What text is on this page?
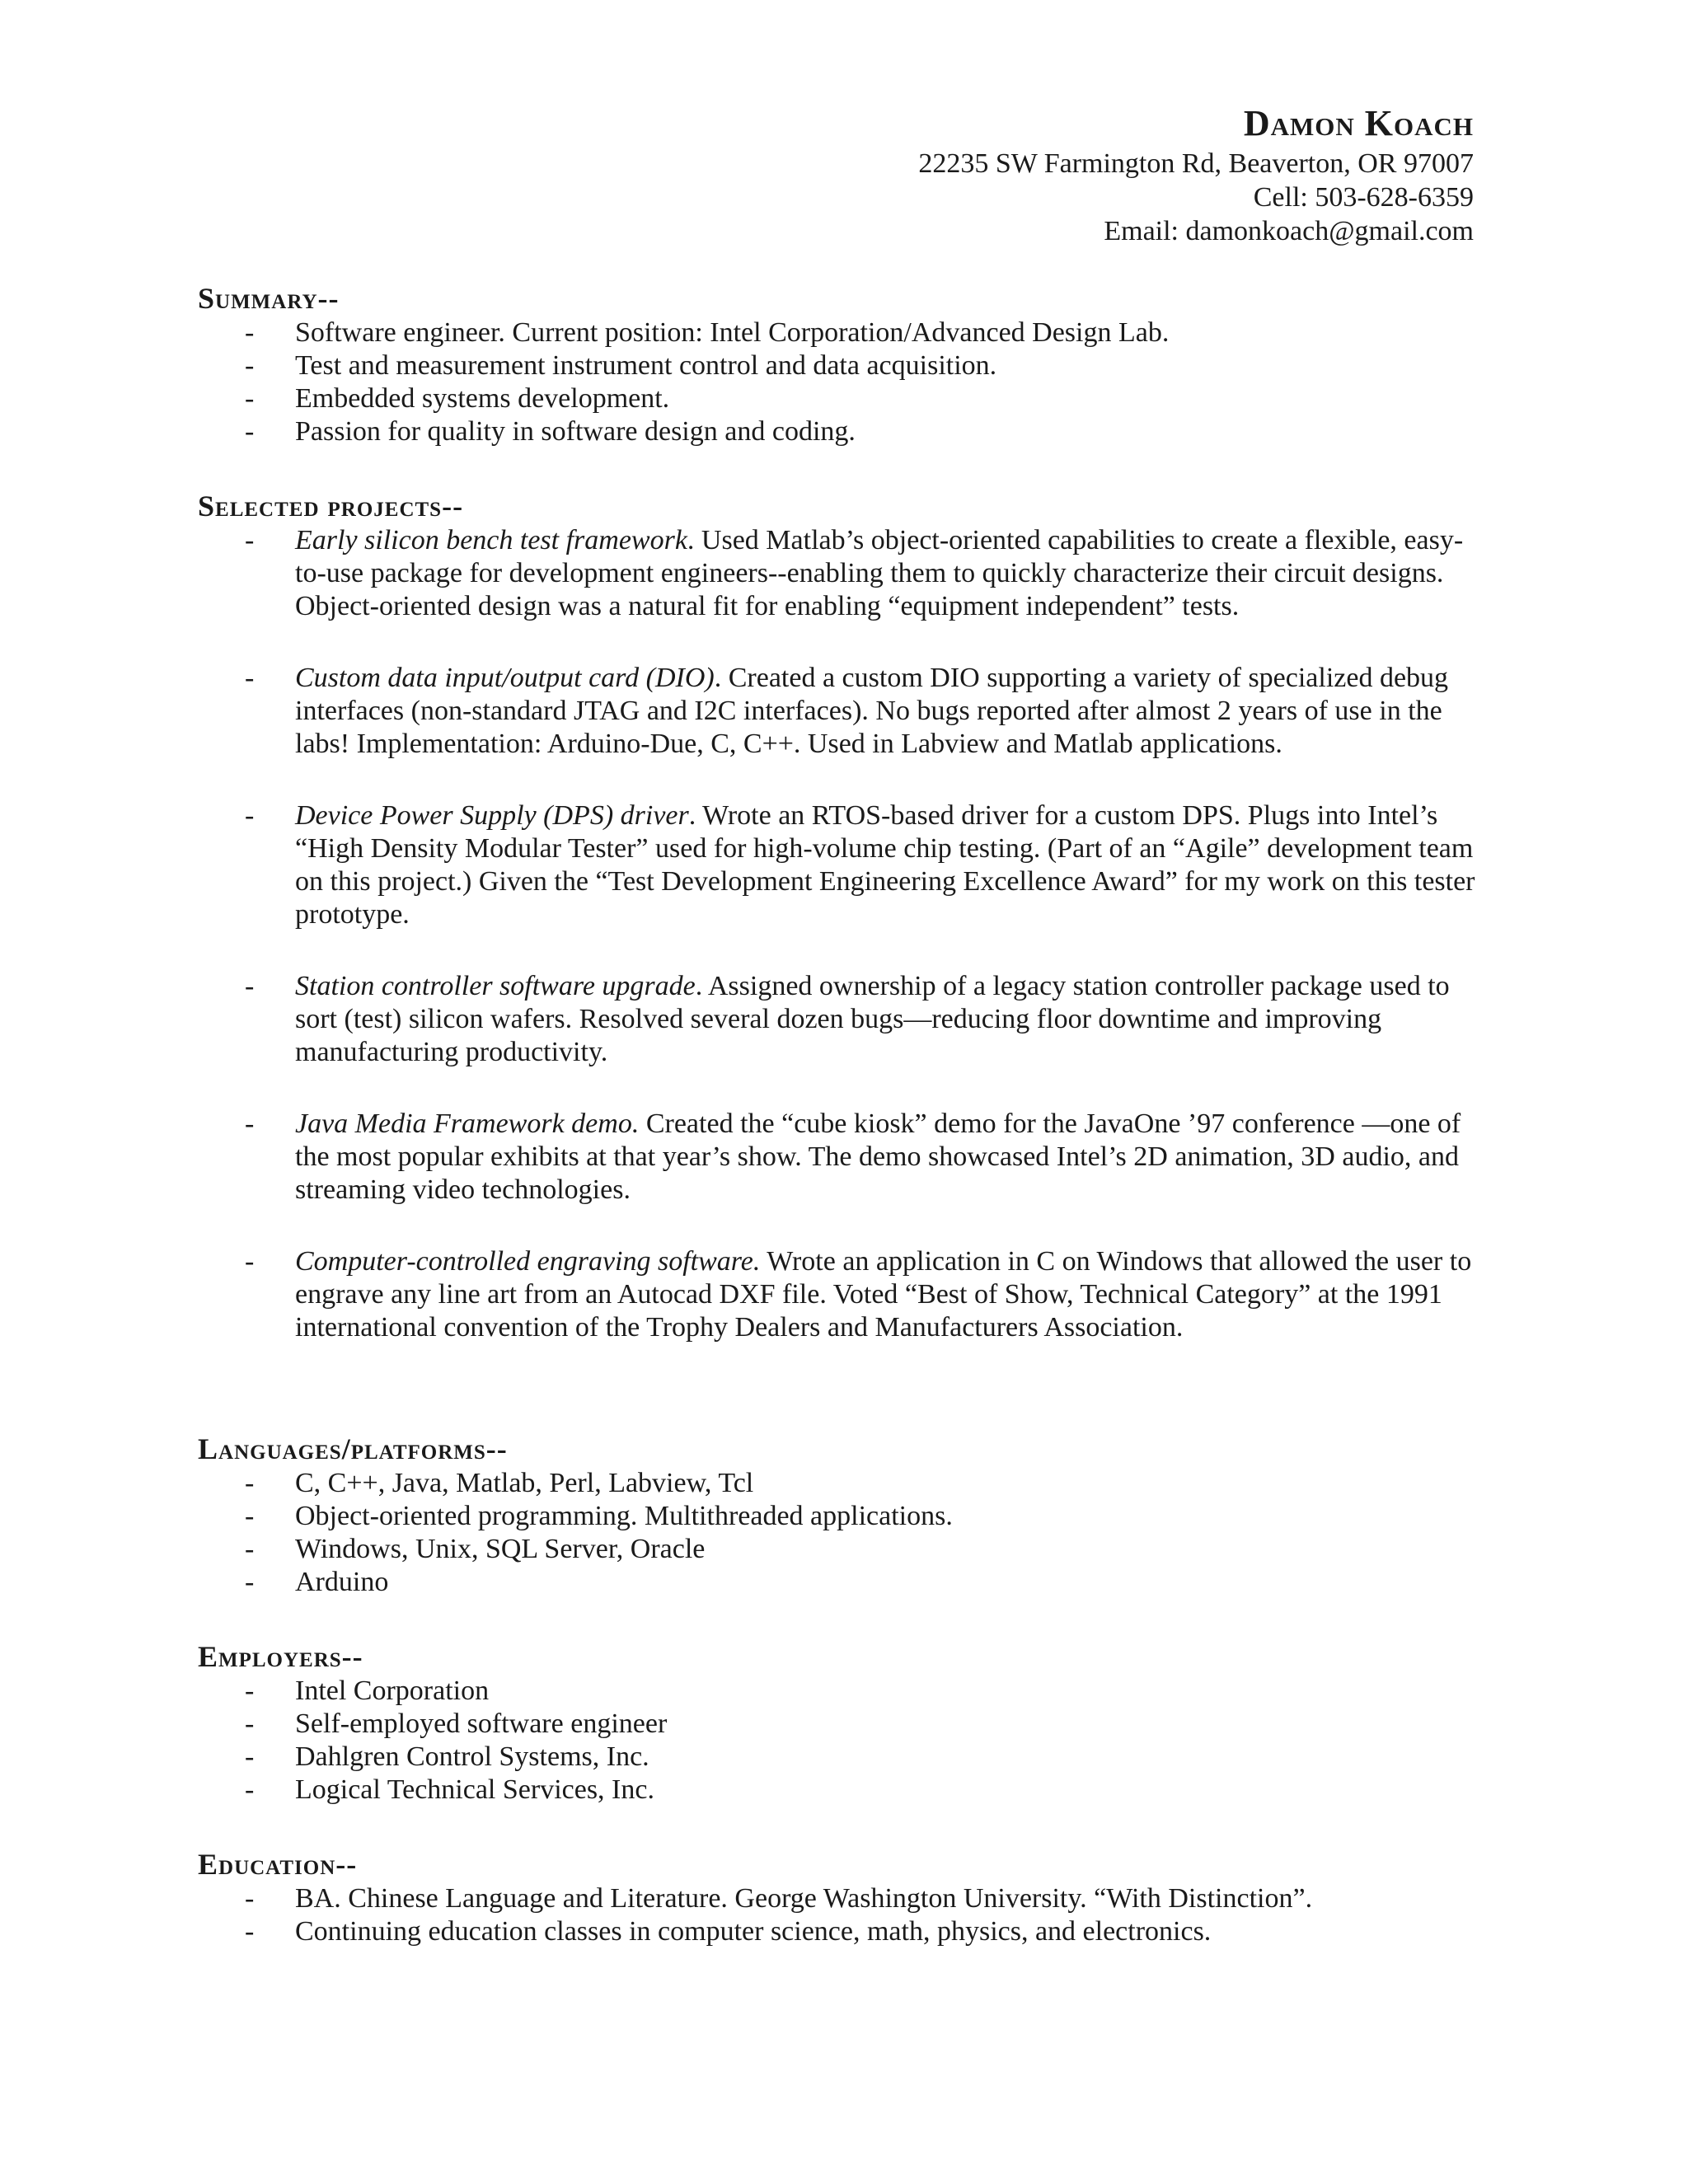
Damon Koach
22235 SW Farmington Rd, Beaverton, OR 97007
Cell: 503-628-6359
Email: damonkoach@gmail.com
Summary--
- Software engineer. Current position: Intel Corporation/Advanced Design Lab.
- Test and measurement instrument control and data acquisition.
- Embedded systems development.
- Passion for quality in software design and coding.
Selected projects--
- Early silicon bench test framework. Used Matlab’s object-oriented capabilities to create a flexible, easy-to-use package for development engineers--enabling them to quickly characterize their circuit designs. Object-oriented design was a natural fit for enabling “equipment independent” tests.
- Custom data input/output card (DIO). Created a custom DIO supporting a variety of specialized debug interfaces (non-standard JTAG and I2C interfaces). No bugs reported after almost 2 years of use in the labs! Implementation: Arduino-Due, C, C++. Used in Labview and Matlab applications.
- Device Power Supply (DPS) driver. Wrote an RTOS-based driver for a custom DPS. Plugs into Intel’s “High Density Modular Tester” used for high-volume chip testing. (Part of an “Agile” development team on this project.) Given the “Test Development Engineering Excellence Award” for my work on this tester prototype.
- Station controller software upgrade. Assigned ownership of a legacy station controller package used to sort (test) silicon wafers. Resolved several dozen bugs—reducing floor downtime and improving manufacturing productivity.
- Java Media Framework demo. Created the “cube kiosk” demo for the JavaOne ’97 conference —one of the most popular exhibits at that year’s show. The demo showcased Intel’s 2D animation, 3D audio, and streaming video technologies.
- Computer-controlled engraving software. Wrote an application in C on Windows that allowed the user to engrave any line art from an Autocad DXF file. Voted “Best of Show, Technical Category” at the 1991 international convention of the Trophy Dealers and Manufacturers Association.
Languages/platforms--
- C, C++, Java, Matlab, Perl, Labview, Tcl
- Object-oriented programming. Multithreaded applications.
- Windows, Unix, SQL Server, Oracle
- Arduino
Employers--
- Intel Corporation
- Self-employed software engineer
- Dahlgren Control Systems, Inc.
- Logical Technical Services, Inc.
Education--
- BA. Chinese Language and Literature. George Washington University. “With Distinction”.
- Continuing education classes in computer science, math, physics, and electronics.
